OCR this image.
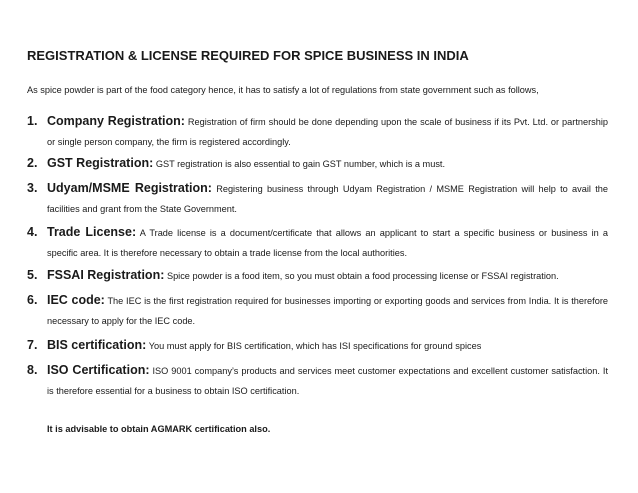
REGISTRATION & LICENSE REQUIRED FOR SPICE BUSINESS IN INDIA
As spice powder is part of the food category hence, it has to satisfy a lot of regulations from state government such as follows,
1. Company Registration: Registration of firm should be done depending upon the scale of business if its Pvt. Ltd. or partnership or single person company, the firm is registered accordingly.
2. GST Registration: GST registration is also essential to gain GST number, which is a must.
3. Udyam/MSME Registration: Registering business through Udyam Registration / MSME Registration will help to avail the facilities and grant from the State Government.
4. Trade License: A Trade license is a document/certificate that allows an applicant to start a specific business or business in a specific area. It is therefore necessary to obtain a trade license from the local authorities.
5. FSSAI Registration: Spice powder is a food item, so you must obtain a food processing license or FSSAI registration.
6. IEC code: The IEC is the first registration required for businesses importing or exporting goods and services from India. It is therefore necessary to apply for the IEC code.
7. BIS certification: You must apply for BIS certification, which has ISI specifications for ground spices
8. ISO Certification: ISO 9001 company’s products and services meet customer expectations and excellent customer satisfaction. It is therefore essential for a business to obtain ISO certification.
It is advisable to obtain AGMARK certification also.
